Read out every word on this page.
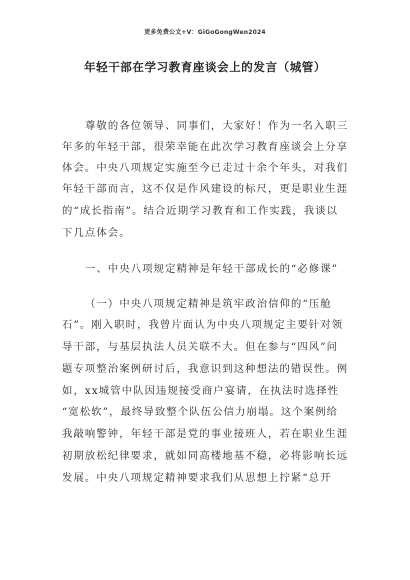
更多免费公文+V：GiGoGongWen2024
年轻干部在学习教育座谈会上的发言（城管）
尊敬的各位领导、同事们，大家好！作为一名入职三
年多的年轻干部，很荣幸能在此次学习教育座谈会上分享
体会。中央八项规定实施至今已走过十余个年头，对我们
年轻干部而言，这不仅是作风建设的标尺，更是职业生涯
的“成长指南”。结合近期学习教育和工作实践，我谈以
下几点体会。
一、中央八项规定精神是年轻干部成长的“必修课”
（一）中央八项规定精神是筑牢政治信仰的“压舱
石”。刚入职时，我曾片面认为中央八项规定主要针对领
导干部，与基层执法人员关联不大。但在参与“四风”问
题专项整治案例研讨后，我意识到这种想法的错误性。例
如，xx城管中队因违规接受商户宴请，在执法时选择性
“宽松软”，最终导致整个队伍公信力崩塌。这个案例给
我敲响警钟，年轻干部是党的事业接班人，若在职业生涯
初期放松纪律要求，就如同高楼地基不稳，必将影响长远
发展。中央八项规定精神要求我们从思想上拧紧“总开
